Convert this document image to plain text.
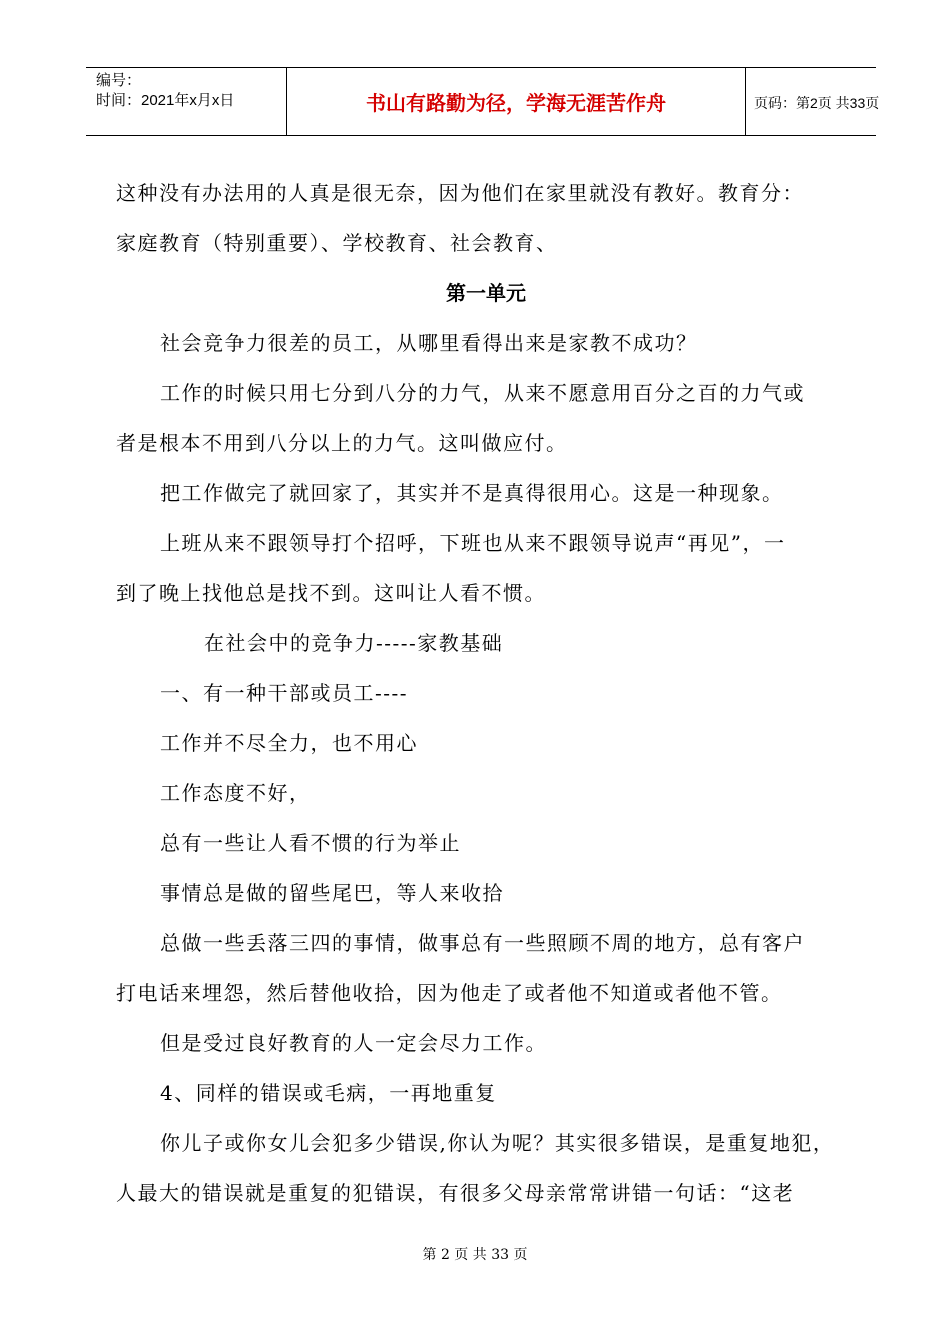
编号：
时间：2021年x月x日	书山有路勤为径，学海无涯苦作舟	页码：第2页 共33页

这种没有办法用的人真是很无奈，因为他们在家里就没有教好。教育分：

家庭教育（特别重要）、学校教育、社会教育、

第一单元

社会竞争力很差的员工，从哪里看得出来是家教不成功？

工作的时候只用七分到八分的力气，从来不愿意用百分之百的力气或

者是根本不用到八分以上的力气。这叫做应付。

把工作做完了就回家了，其实并不是真得很用心。这是一种现象。

上班从来不跟领导打个招呼，下班也从来不跟领导说声“再见”，一

到了晚上找他总是找不到。这叫让人看不惯。

在社会中的竞争力-----家教基础

一、有一种干部或员工----

工作并不尽全力，也不用心

工作态度不好，

总有一些让人看不惯的行为举止

事情总是做的留些尾巴，等人来收拾

总做一些丢落三四的事情，做事总有一些照顾不周的地方，总有客户

打电话来埋怨，然后替他收拾，因为他走了或者他不知道或者他不管。

但是受过良好教育的人一定会尽力工作。

4、同样的错误或毛病，一再地重复

你儿子或你女儿会犯多少错误,你认为呢？其实很多错误，是重复地犯，

人最大的错误就是重复的犯错误，有很多父母亲常常讲错一句话：“这老

第 2 页 共 33 页
